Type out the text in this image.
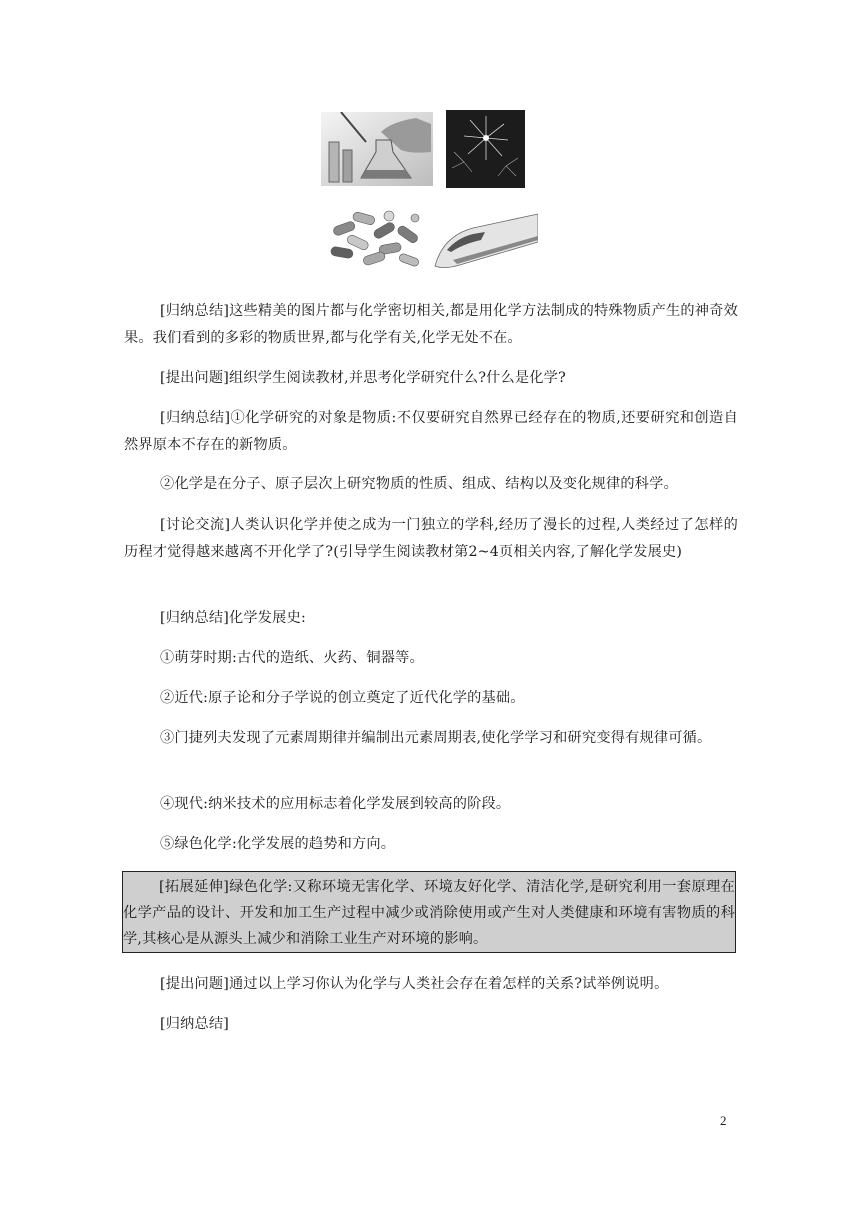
[归纳总结]这些精美的图片都与化学密切相关,都是用化学方法制成的特殊物质产生的神奇效果。我们看到的多彩的物质世界,都与化学有关,化学无处不在。

[提出问题]组织学生阅读教材,并思考化学研究什么?什么是化学?

[归纳总结]①化学研究的对象是物质:不仅要研究自然界已经存在的物质,还要研究和创造自然界原本不存在的新物质。

②化学是在分子、原子层次上研究物质的性质、组成、结构以及变化规律的科学。

[讨论交流]人类认识化学并使之成为一门独立的学科,经历了漫长的过程,人类经过了怎样的历程才觉得越来越离不开化学了?(引导学生阅读教材第2~4页相关内容,了解化学发展史)

[归纳总结]化学发展史:

①萌芽时期:古代的造纸、火药、铜器等。

②近代:原子论和分子学说的创立奠定了近代化学的基础。

③门捷列夫发现了元素周期律并编制出元素周期表,使化学学习和研究变得有规律可循。

④现代:纳米技术的应用标志着化学发展到较高的阶段。

⑤绿色化学:化学发展的趋势和方向。

[拓展延伸]绿色化学:又称环境无害化学、环境友好化学、清洁化学,是研究利用一套原理在化学产品的设计、开发和加工生产过程中减少或消除使用或产生对人类健康和环境有害物质的科学,其核心是从源头上减少和消除工业生产对环境的影响。

[提出问题]通过以上学习你认为化学与人类社会存在着怎样的关系?试举例说明。

[归纳总结]

2
